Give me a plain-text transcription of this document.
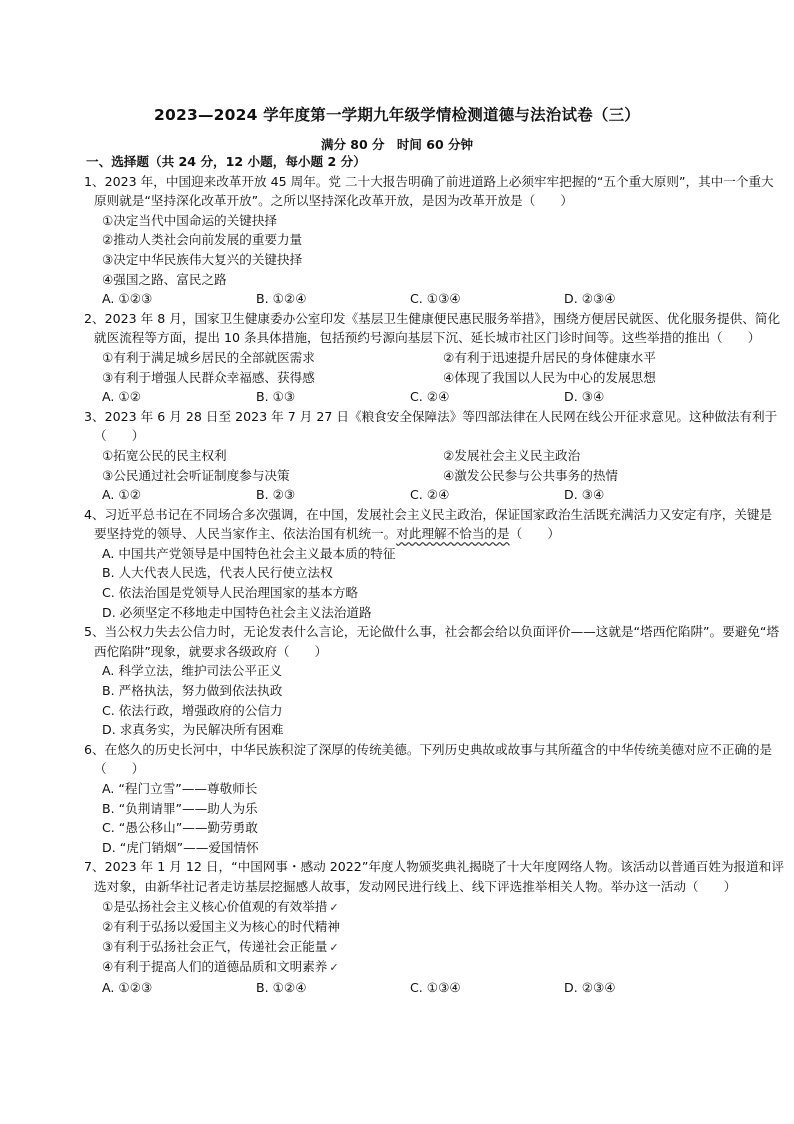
2023—2024 学年度第一学期九年级学情检测道德与法治试卷（三）
满分 80 分 时间 60 分钟
一、选择题（共 24 分，12 小题，每小题 2 分）
1、2023 年，中国迎来改革开放 45 周年。党 二十大报告明确了前进道路上必须牢牢把握的“五个重大原则”，其中一个重大原则就是“坚持深化改革开放”。之所以坚持深化改革开放，是因为改革开放是（　　）
①决定当代中国命运的关键抉择
②推动人类社会向前发展的重要力量
③决定中华民族伟大复兴的关键抉择
④强国之路、富民之路
A. ①②③	B. ①②④	C. ①③④	D. ②③④
2、2023 年 8 月，国家卫生健康委办公室印发《基层卫生健康便民惠民服务举措》，围绕方便居民就医、优化服务提供、简化就医流程等方面，提出 10 条具体措施，包括预约号源向基层下沉、延长城市社区门诊时间等。这些举措的推出（　　）
①有利于满足城乡居民的全部就医需求	②有利于迅速提升居民的身体健康水平
③有利于增强人民群众幸福感、获得感	④体现了我国以人民为中心的发展思想
A. ①②	B. ①③	C. ②④	D. ③④
3、2023 年 6 月 28 日至 2023 年 7 月 27 日《粮食安全保障法》等四部法律在人民网在线公开征求意见。这种做法有利于（　　）
①拓宽公民的民主权利	②发展社会主义民主政治
③公民通过社会听证制度参与决策	④激发公民参与公共事务的热情
A. ①②	B. ②③	C. ②④	D. ③④
4、习近平总书记在不同场合多次强调，在中国，发展社会主义民主政治，保证国家政治生活既充满活力又安定有序，关键是要坚持党的领导、人民当家作主、依法治国有机统一。对此理解不恰当的是（　　）
A. 中国共产党领导是中国特色社会主义最本质的特征
B. 人大代表人民选，代表人民行使立法权
C. 依法治国是党领导人民治理国家的基本方略
D. 必须坚定不移地走中国特色社会主义法治道路
5、当公权力失去公信力时，无论发表什么言论，无论做什么事，社会都会给以负面评价——这就是“塔西佗陷阱”。要避免“塔西佗陷阱”现象，就要求各级政府（　　）
A. 科学立法，维护司法公平正义
B. 严格执法，努力做到依法执政
C. 依法行政，增强政府的公信力
D. 求真务实，为民解决所有困难
6、在悠久的历史长河中，中华民族积淀了深厚的传统美德。下列历史典故或故事与其所蕴含的中华传统美德对应不正确的是（　　）
A. “程门立雪”——尊敬师长
B. “负荆请罪”——助人为乐
C. “愚公移山”——勤劳勇敢
D. “虎门销烟”——爱国情怀
7、2023 年 1 月 12 日，“中国网事・感动 2022”年度人物颁奖典礼揭晓了十大年度网络人物。该活动以普通百姓为报道和评选对象，由新华社记者走访基层挖掘感人故事，发动网民进行线上、线下评选推举相关人物。举办这一活动（　　）
①是弘扬社会主义核心价值观的有效举措 ✓
②有利于弘扬以爱国主义为核心的时代精神
③有利于弘扬社会正气，传递社会正能量 ✓
④有利于提高人们的道德品质和文明素养 ✓
A. ①②③	B. ①②④	C. ①③④	D. ②③④
